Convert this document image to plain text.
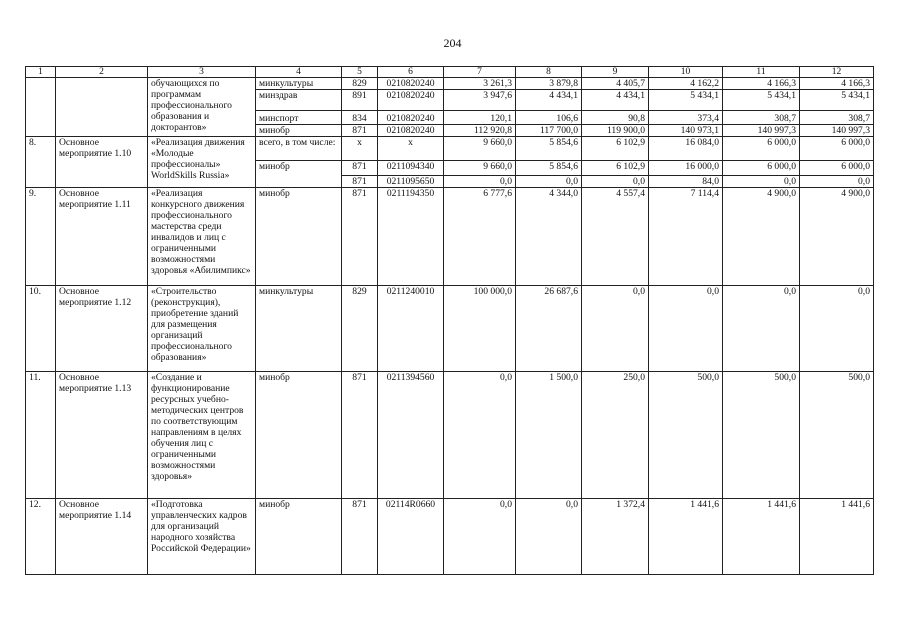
204
1	2	3	4	5	6	7	8	9	10	11	12
		обучающихся по программам профессионального образования и докторантов»	минкультуры	829	0210820240	3 261,3	3 879,8	4 405,7	4 162,2	4 166,3	4 166,3
			минздрав	891	0210820240	3 947,6	4 434,1	4 434,1	5 434,1	5 434,1	5 434,1
			минспорт	834	0210820240	120,1	106,6	90,8	373,4	308,7	308,7
			минобр	871	0210820240	112 920,8	117 700,0	119 900,0	140 973,1	140 997,3	140 997,3
8.	Основное мероприятие 1.10	«Реализация движения «Молодые профессионалы» WorldSkills Russia»	всего, в том числе:	x	x	9 660,0	5 854,6	6 102,9	16 084,0	6 000,0	6 000,0
			минобр	871	0211094340	9 660,0	5 854,6	6 102,9	16 000,0	6 000,0	6 000,0
				871	0211095650	0,0	0,0	0,0	84,0	0,0	0,0
9.	Основное мероприятие 1.11	«Реализация конкурсного движения профессионального мастерства среди инвалидов и лиц с ограниченными возможностями здоровья «Абилимпикс»	минобр	871	0211194350	6 777,6	4 344,0	4 557,4	7 114,4	4 900,0	4 900,0
10.	Основное мероприятие 1.12	«Строительство (реконструкция), приобретение зданий для размещения организаций профессионального образования»	минкультуры	829	0211240010	100 000,0	26 687,6	0,0	0,0	0,0	0,0
11.	Основное мероприятие 1.13	«Создание и функционирование ресурсных учебно-методических центров по соответствующим направлениям в целях обучения лиц с ограниченными возможностями здоровья»	минобр	871	0211394560	0,0	1 500,0	250,0	500,0	500,0	500,0
12.	Основное мероприятие 1.14	«Подготовка управленческих кадров для организаций народного хозяйства Российской Федерации»	минобр	871	02114R0660	0,0	0,0	1 372,4	1 441,6	1 441,6	1 441,6
